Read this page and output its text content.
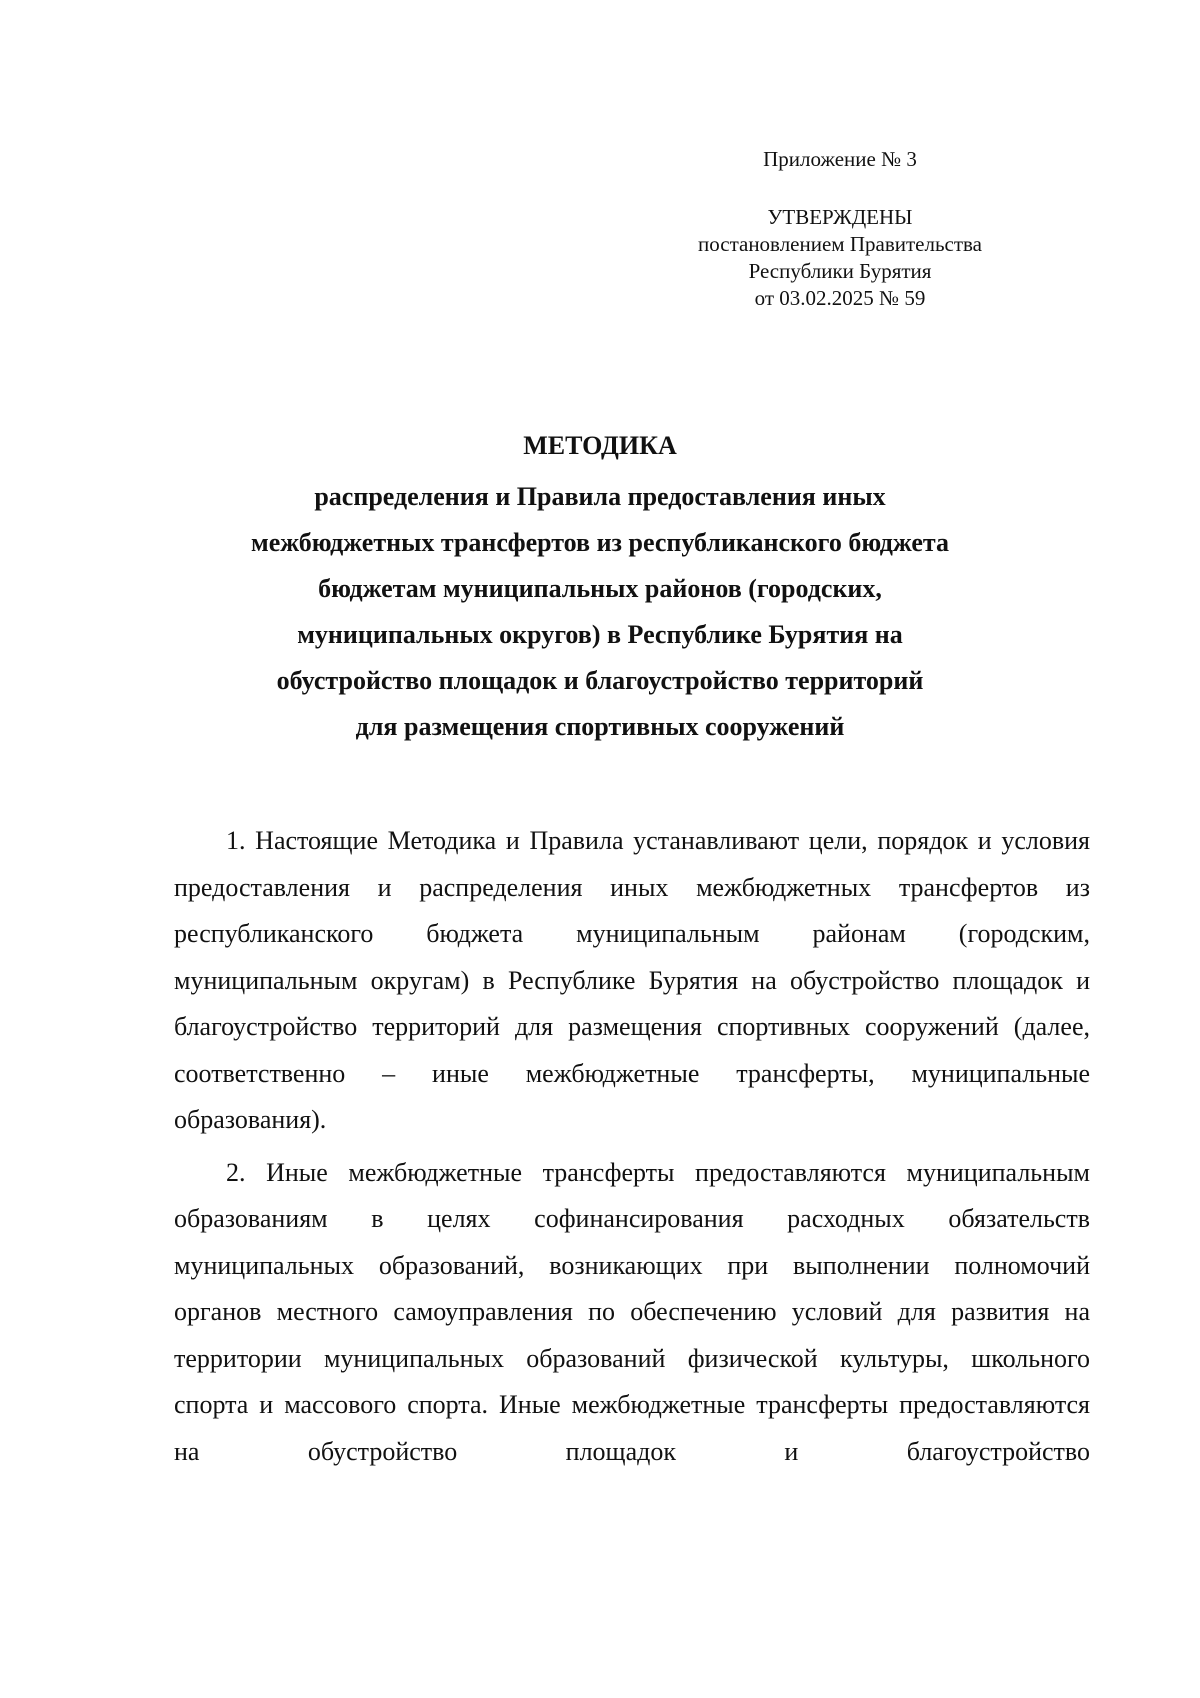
Приложение № 3
УТВЕРЖДЕНЫ
постановлением Правительства
Республики Бурятия
от 03.02.2025 № 59
МЕТОДИКА
распределения и Правила предоставления иных
межбюджетных трансфертов из республиканского бюджета
бюджетам муниципальных районов (городских,
муниципальных округов) в Республике Бурятия на
обустройство площадок и благоустройство территорий
для размещения спортивных сооружений

1. Настоящие Методика и Правила устанавливают цели, порядок и условия предоставления и распределения иных межбюджетных трансфертов из республиканского бюджета муниципальным районам (городским, муниципальным округам) в Республике Бурятия на обустройство площадок и благоустройство территорий для размещения спортивных сооружений (далее, соответственно – иные межбюджетные трансферты, муниципальные образования).

2. Иные межбюджетные трансферты предоставляются муниципальным образованиям в целях софинансирования расходных обязательств муниципальных образований, возникающих при выполнении полномочий органов местного самоуправления по обеспечению условий для развития на территории муниципальных образований физической культуры, школьного спорта и массового спорта. Иные межбюджетные трансферты предоставляются на обустройство площадок и благоустройство
